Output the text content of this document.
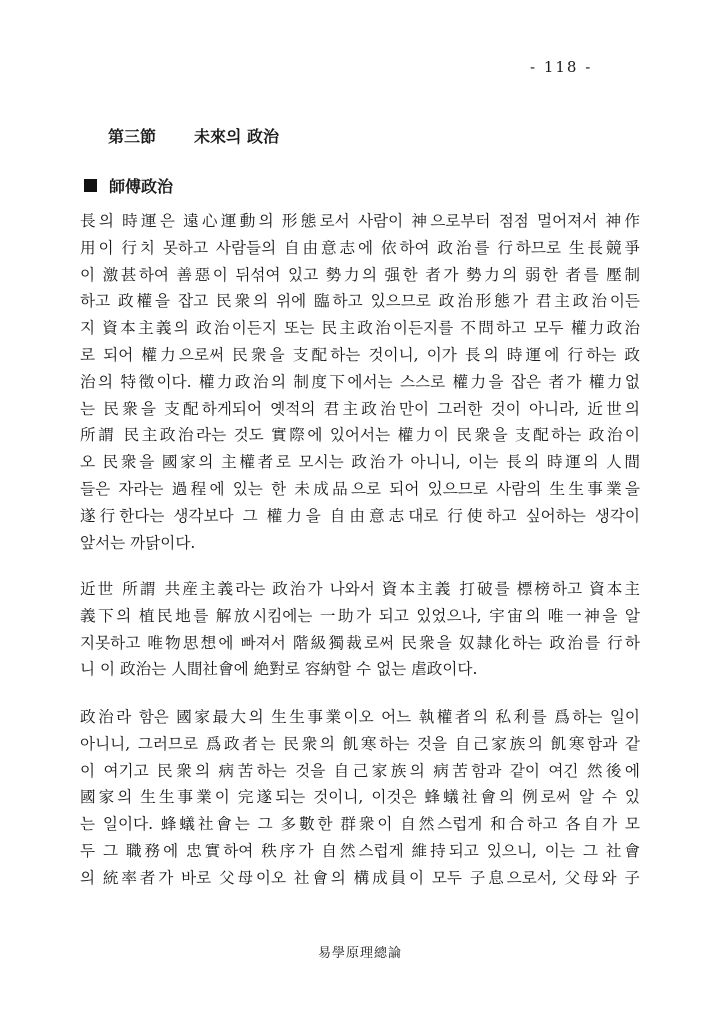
- 118 -
第三節 未來의 政治
師傅政治
長의 時運은 遠心運動의 形態로서 사람이 神으로부터 점점 멀어져서 神作
用이 行치 못하고 사람들의 自由意志에 依하여 政治를 行하므로 生長競爭
이 激甚하여 善惡이 뒤섞여 있고 勢力의 强한 者가 勢力의 弱한 者를 壓制
하고 政權을 잡고 民衆의 위에 臨하고 있으므로 政治形態가 君主政治이든
지 資本主義의 政治이든지 또는 民主政治이든지를 不問하고 모두 權力政治
로 되어 權力으로써 民衆을 支配하는 것이니, 이가 長의 時運에 行하는 政
治의 特徵이다. 權力政治의 制度下에서는 스스로 權力을 잡은 者가 權力없
는 民衆을 支配하게되어 옛적의 君主政治만이 그러한 것이 아니라, 近世의
所謂 民主政治라는 것도 實際에 있어서는 權力이 民衆을 支配하는 政治이
오 民衆을 國家의 主權者로 모시는 政治가 아니니, 이는 長의 時運의 人間
들은 자라는 過程에 있는 한 未成品으로 되어 있으므로 사람의 生生事業을
遂行한다는 생각보다 그 權力을 自由意志대로 行使하고 싶어하는 생각이
앞서는 까닭이다.
近世 所謂 共産主義라는 政治가 나와서 資本主義 打破를 標榜하고 資本主
義下의 植民地를 解放시킴에는 一助가 되고 있었으나, 宇宙의 唯一神을 알
지못하고 唯物思想에 빠져서 階級獨裁로써 民衆을 奴隷化하는 政治를 行하
니 이 政治는 人間社會에 絶對로 容納할 수 없는 虐政이다.
政治라 함은 國家最大의 生生事業이오 어느 執權者의 私利를 爲하는 일이
아니니, 그러므로 爲政者는 民衆의 飢寒하는 것을 自己家族의 飢寒함과 같
이 여기고 民衆의 病苦하는 것을 自己家族의 病苦함과 같이 여긴 然後에
國家의 生生事業이 完遂되는 것이니, 이것은 蜂蟻社會의 例로써 알 수 있
는 일이다. 蜂蟻社會는 그 多數한 群衆이 自然스럽게 和合하고 各自가 모
두 그 職務에 忠實하여 秩序가 自然스럽게 維持되고 있으니, 이는 그 社會
의 統率者가 바로 父母이오 社會의 構成員이 모두 子息으로서, 父母와 子
易學原理總論
